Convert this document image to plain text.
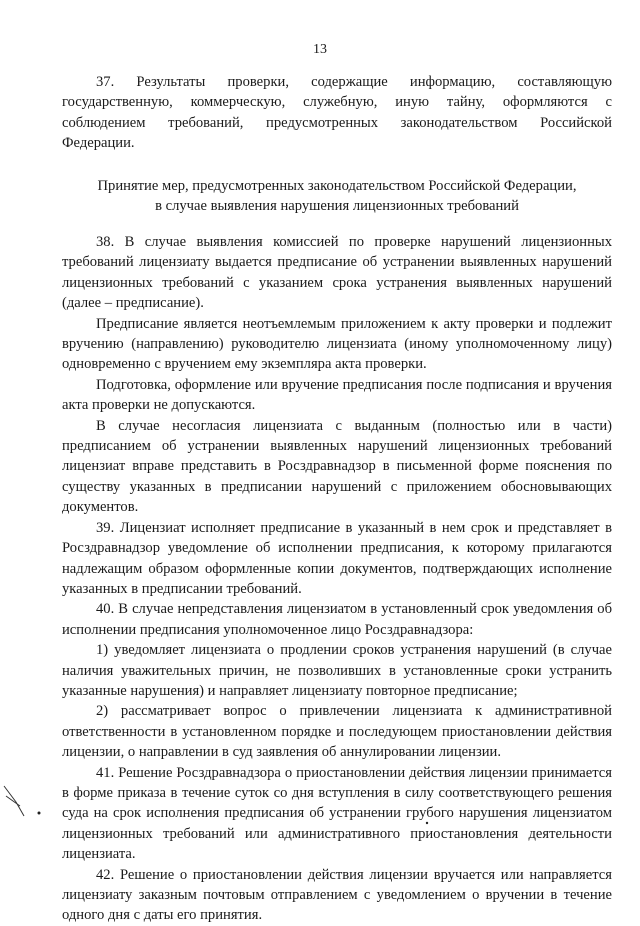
13

37. Результаты проверки, содержащие информацию, составляющую государственную, коммерческую, служебную, иную тайну, оформляются с соблюдением требований, предусмотренных законодательством Российской Федерации.

Принятие мер, предусмотренных законодательством Российской Федерации,
в случае выявления нарушения лицензионных требований

38. В случае выявления комиссией по проверке нарушений лицензионных требований лицензиату выдается предписание об устранении выявленных нарушений лицензионных требований с указанием срока устранения выявленных нарушений (далее – предписание).

Предписание является неотъемлемым приложением к акту проверки и подлежит вручению (направлению) руководителю лицензиата (иному уполномоченному лицу) одновременно с вручением ему экземпляра акта проверки.

Подготовка, оформление или вручение предписания после подписания и вручения акта проверки не допускаются.

В случае несогласия лицензиата с выданным (полностью или в части) предписанием об устранении выявленных нарушений лицензионных требований лицензиат вправе представить в Росздравнадзор в письменной форме пояснения по существу указанных в предписании нарушений с приложением обосновывающих документов.

39. Лицензиат исполняет предписание в указанный в нем срок и представляет в Росздравнадзор уведомление об исполнении предписания, к которому прилагаются надлежащим образом оформленные копии документов, подтверждающих исполнение указанных в предписании требований.

40. В случае непредставления лицензиатом в установленный срок уведомления об исполнении предписания уполномоченное лицо Росздравнадзора:

1) уведомляет лицензиата о продлении сроков устранения нарушений (в случае наличия уважительных причин, не позволивших в установленные сроки устранить указанные нарушения) и направляет лицензиату повторное предписание;

2) рассматривает вопрос о привлечении лицензиата к административной ответственности в установленном порядке и последующем приостановлении действия лицензии, о направлении в суд заявления об аннулировании лицензии.

41. Решение Росздравнадзора о приостановлении действия лицензии принимается в форме приказа в течение суток со дня вступления в силу соответствующего решения суда на срок исполнения предписания об устранении грубого нарушения лицензиатом лицензионных требований или административного приостановления деятельности лицензиата.

42. Решение о приостановлении действия лицензии вручается или направляется лицензиату заказным почтовым отправлением с уведомлением о вручении в течение одного дня с даты его принятия.
